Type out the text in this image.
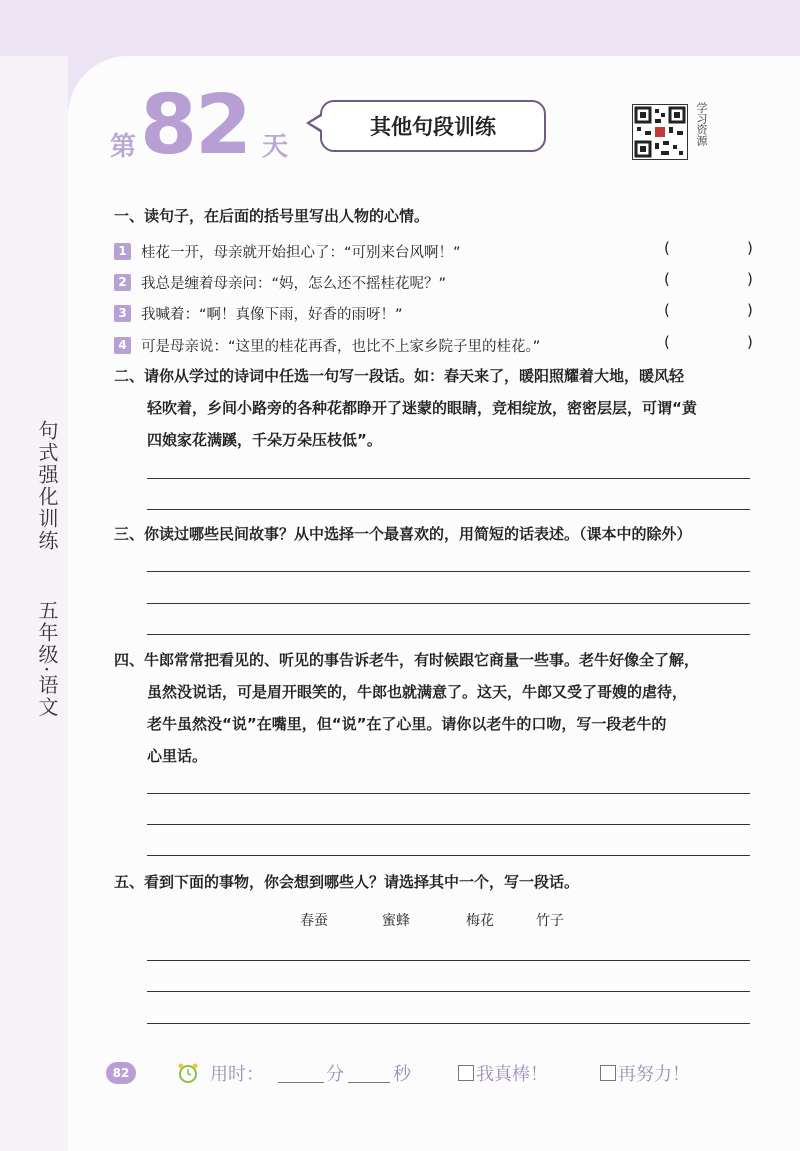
第 82 天
其他句段训练	学习资源
句式强化训练
五年级·语文
一、读句子，在后面的括号里写出人物的心情。
1 桂花一开，母亲就开始担心了：“可别来台风啊！”	(	)
2 我总是缠着母亲问：“妈，怎么还不摇桂花呢？”	(	)
3 我喊着：“啊！真像下雨，好香的雨呀！”	(	)
4 可是母亲说：“这里的桂花再香，也比不上家乡院子里的桂花。”	(	)
二、请你从学过的诗词中任选一句写一段话。如：春天来了，暖阳照耀着大地，暖风轻
轻吹着，乡间小路旁的各种花都睁开了迷蒙的眼睛，竞相绽放，密密层层，可谓“黄
四娘家花满蹊，千朵万朵压枝低”。
三、你读过哪些民间故事？从中选择一个最喜欢的，用简短的话表述。（课本中的除外）
四、牛郎常常把看见的、听见的事告诉老牛，有时候跟它商量一些事。老牛好像全了解，
虽然没说话，可是眉开眼笑的，牛郎也就满意了。这天，牛郎又受了哥嫂的虐待，
老牛虽然没“说”在嘴里，但“说”在了心里。请你以老牛的口吻，写一段老牛的
心里话。
五、看到下面的事物，你会想到哪些人？请选择其中一个，写一段话。
春蚕	蜜蜂	梅花	竹子
82	用时：	分	秒	我真棒！	再努力！
